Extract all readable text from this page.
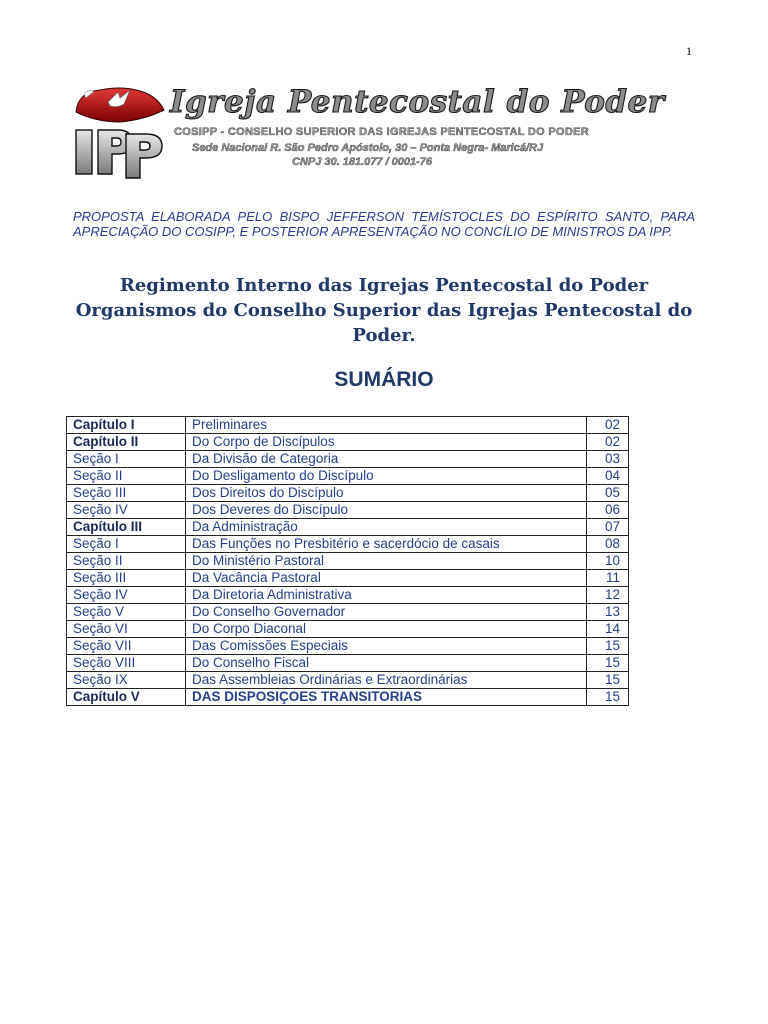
1
Igreja Pentecostal do Poder
COSIPP - CONSELHO SUPERIOR DAS IGREJAS PENTECOSTAL DO PODER
Sede Nacional R. São Pedro Apóstolo, 30 – Ponta Negra- Maricá/RJ
CNPJ 30. 181.077 / 0001-76
PROPOSTA ELABORADA PELO BISPO JEFFERSON TEMÍSTOCLES DO ESPÍRITO SANTO, PARA APRECIAÇÃO DO COSIPP, E POSTERIOR APRESENTAÇÃO NO CONCÍLIO DE MINISTROS DA IPP.
Regimento Interno das Igrejas Pentecostal do Poder
Organismos do Conselho Superior das Igrejas Pentecostal do Poder.
SUMÁRIO
Capítulo I	Preliminares	02
Capítulo II	Do Corpo de Discípulos	02
Seção I	Da Divisão de Categoria	03
Seção II	Do Desligamento do Discípulo	04
Seção III	Dos Direitos do Discípulo	05
Seção IV	Dos Deveres do Discípulo	06
Capítulo III	Da Administração	07
Seção I	Das Funções no Presbitério e sacerdócio de casais	08
Seção II	Do Ministério Pastoral	10
Seção III	Da Vacância Pastoral	11
Seção IV	Da Diretoria Administrativa	12
Seção V	Do Conselho Governador	13
Seção VI	Do Corpo Diaconal	14
Seção VII	Das Comissões Especiais	15
Seção VIII	Do Conselho Fiscal	15
Seção IX	Das Assembleias Ordinárias e Extraordinárias	15
Capítulo V	DAS DISPOSIÇOES TRANSITORIAS	15
